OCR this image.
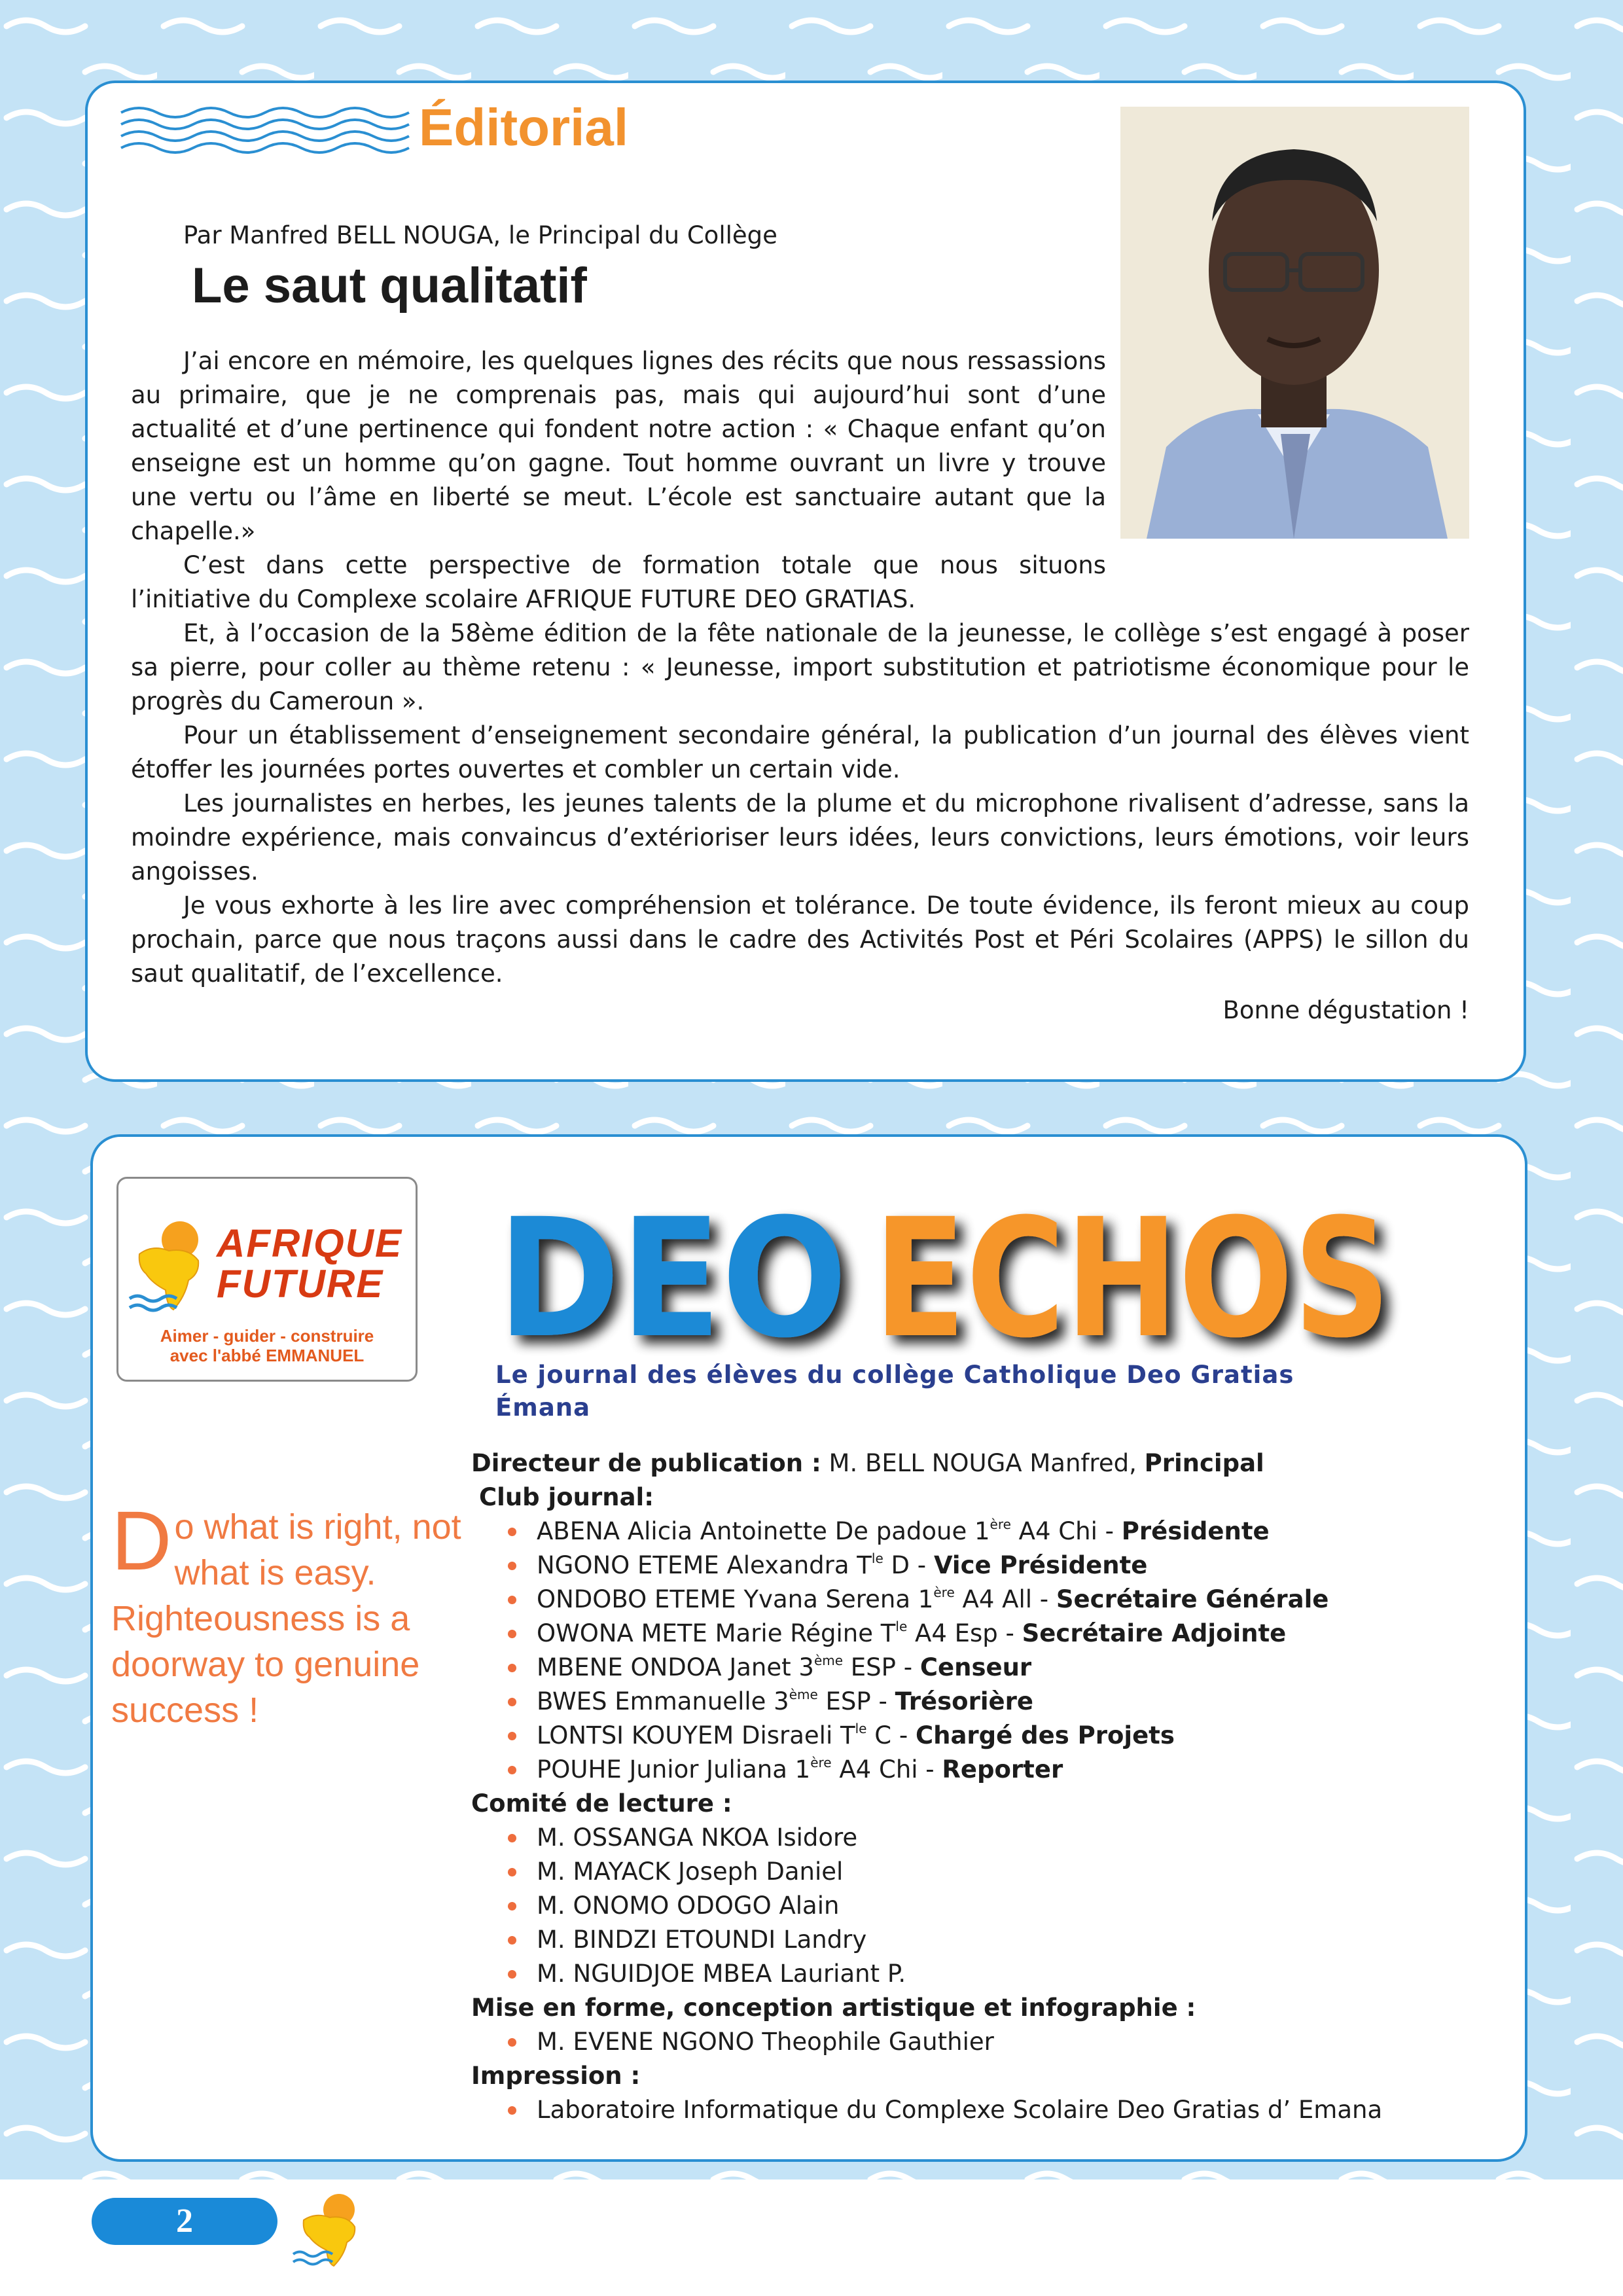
Éditorial
Par Manfred BELL NOUGA, le Principal du Collège
Le saut qualitatif

J’ai encore en mémoire, les quelques lignes des récits que nous ressassions au primaire, que je ne comprenais pas, mais qui aujourd’hui sont d’une actualité et d’une pertinence qui fondent notre action : « Chaque enfant qu’on enseigne est un homme qu’on gagne. Tout homme ouvrant un livre y trouve une vertu ou l’âme en liberté se meut. L’école est sanctuaire autant que la chapelle.»

C’est dans cette perspective de formation totale que nous situons l’initiative du Complexe scolaire AFRIQUE FUTURE DEO GRATIAS.

Et, à l’occasion de la 58ème édition de la fête nationale de la jeunesse, le collège s’est engagé à poser sa pierre, pour coller au thème retenu : « Jeunesse, import substitution et patriotisme économique pour le progrès du Cameroun ».

Pour un établissement d’enseignement secondaire général, la publication d’un journal des élèves vient étoffer les journées portes ouvertes et combler un certain vide.

Les journalistes en herbes, les jeunes talents de la plume et du microphone rivalisent d’adresse, sans la moindre expérience, mais convaincus d’extérioriser leurs idées, leurs convictions, leurs émotions, voir leurs angoisses.

Je vous exhorte à les lire avec compréhension et tolérance. De toute évidence, ils feront mieux au coup prochain, parce que nous traçons aussi dans le cadre des Activités Post et Péri Scolaires (APPS) le sillon du saut qualitatif, de l’excellence.

Bonne dégustation !
AFRIQUE
FUTURE
Aimer - guider - construire
avec l'abbé EMMANUEL DEO ECHOS

Le journal des élèves du collège Catholique Deo Gratias Émana

D o what is right, not what is easy. Righteousness is a doorway to genuine success !
Directeur de publication : M. BELL NOUGA Manfred, Principal
Club journal:
ABENA Alicia Antoinette De padoue 1ère A4 Chi - Présidente
NGONO ETEME Alexandra $T^{le}$ D - Vice Présidente
ONDOBO ETEME Yvana Serena 1ère A4 All - Secrétaire Générale
OWONA METE Marie Régine $T^{le}$ A4 Esp - Secrétaire Adjointe
MBENE ONDOA Janet 3ème ESP - Censeur
BWES Emmanuelle 3ème ESP - Trésorière
LONTSI KOUYEM Disraeli $T^{le}$ C - Chargé des Projets
POUHE Junior Juliana 1ère A4 Chi - Reporter
Comité de lecture :
M. OSSANGA NKOA Isidore
M. MAYACK Joseph Daniel
M. ONOMO ODOGO Alain
M. BINDZI ETOUNDI Landry
M. NGUIDJOE MBEA Lauriant P.
Mise en forme, conception artistique et infographie :
M. EVENE NGONO Theophile Gauthier
Impression :
Laboratoire Informatique du Complexe Scolaire Deo Gratias d’ Emana
2
